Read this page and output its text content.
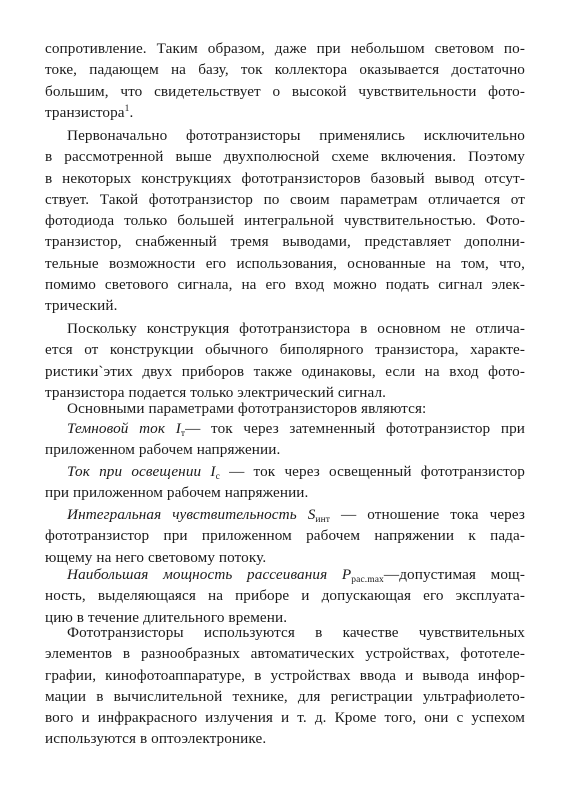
сопротивление. Таким образом, даже при небольшом световом по-
токе, падающем на базу, ток коллектора оказывается достаточно
большим, что свидетельствует о высокой чувствительности фото-
транзистора$^1$.
Первоначально фототранзисторы применялись исключительно
в рассмотренной выше двухполюсной схеме включения. Поэтому
в некоторых конструкциях фототранзисторов базовый вывод отсут-
ствует. Такой фототранзистор по своим параметрам отличается от
фотодиода только большей интегральной чувствительностью. Фото-
транзистор, снабженный тремя выводами, представляет дополни-
тельные возможности его использования, основанные на том, что,
помимо светового сигнала, на его вход можно подать сигнал элек-
трический.
Поскольку конструкция фототранзистора в основном не отлича-
ется от конструкции обычного биполярного транзистора, характе-
ристики`этих двух приборов также одинаковы, если на вход фото-
транзистора подается только электрический сигнал.
Основными параметрами фототранзисторов являются:
Темновой ток $I_т—$ ток через затемненный фототранзистор при
приложенном рабочем напряжении.
Ток при освещении $I_c$ — ток через освещенный фототранзистор
при приложенном рабочем напряжении.
Интегральная чувствительность $S_{инт}$ — отношение тока через
фототранзистор при приложенном рабочем напряжении к пада-
ющему на него световому потоку.
Наибольшая мощность рассеивания $P_{рас.max}—допустимая$ мощ-
ность, выделяющаяся на приборе и допускающая его эксплуата-
цию в течение длительного времени.
Фототранзисторы используются в качестве чувствительных
элементов в разнообразных автоматических устройствах, фототеле-
графии, кинофотоаппаратуре, в устройствах ввода и вывода инфор-
мации в вычислительной технике, для регистрации ультрафиолето-
вого и инфракрасного излучения и т. д. Кроме того, они с успехом
используются в оптоэлектронике.
